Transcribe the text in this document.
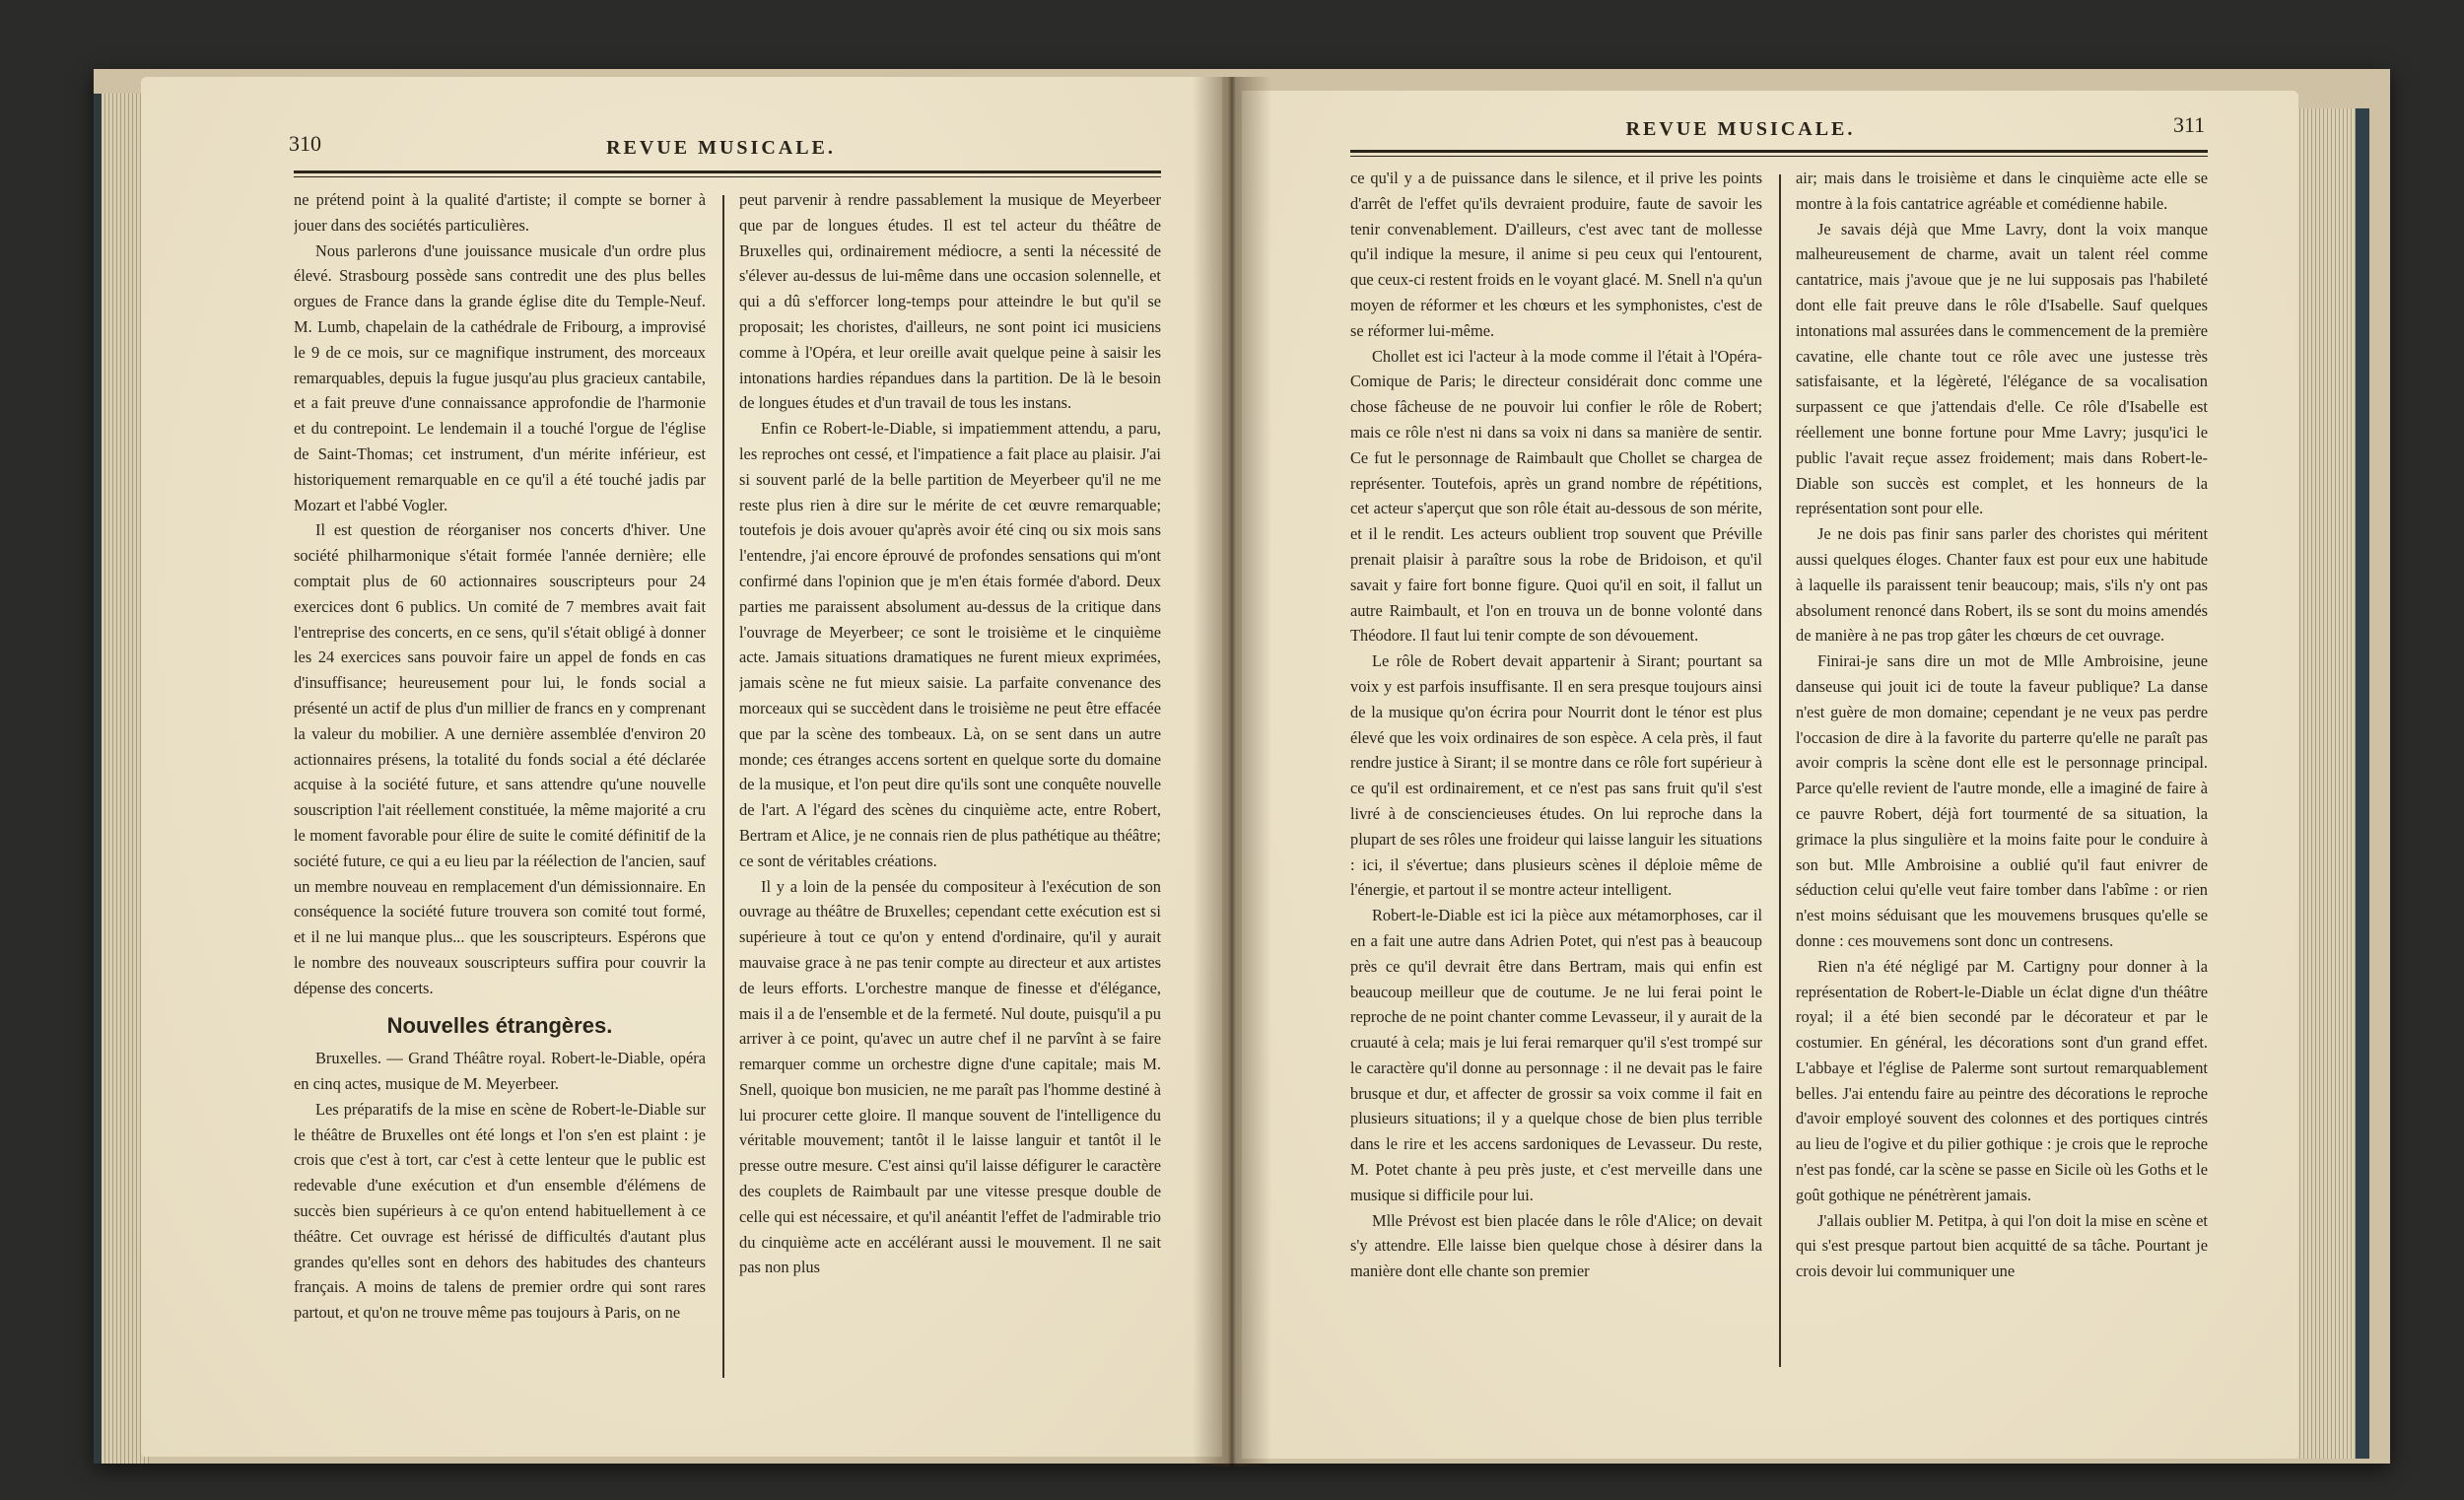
310	REVUE MUSICALE.

ne prétend point à la qualité d'artiste; il compte se borner à jouer dans des sociétés particulières.

Nous parlerons d'une jouissance musicale d'un ordre plus élevé. Strasbourg possède sans contredit une des plus belles orgues de France dans la grande église dite du Temple-Neuf. M. Lumb, chapelain de la cathédrale de Fribourg, a improvisé le 9 de ce mois, sur ce magnifique instrument, des morceaux remarquables, depuis la fugue jusqu'au plus gracieux cantabile, et a fait preuve d'une connaissance approfondie de l'harmonie et du contrepoint. Le lendemain il a touché l'orgue de l'église de Saint-Thomas; cet instrument, d'un mérite inférieur, est historiquement remarquable en ce qu'il a été touché jadis par Mozart et l'abbé Vogler.

Il est question de réorganiser nos concerts d'hiver. Une société philharmonique s'était formée l'année dernière; elle comptait plus de 60 actionnaires souscripteurs pour 24 exercices dont 6 publics. Un comité de 7 membres avait fait l'entreprise des concerts, en ce sens, qu'il s'était obligé à donner les 24 exercices sans pouvoir faire un appel de fonds en cas d'insuffisance; heureusement pour lui, le fonds social a présenté un actif de plus d'un millier de francs en y comprenant la valeur du mobilier. A une dernière assemblée d'environ 20 actionnaires présens, la totalité du fonds social a été déclarée acquise à la société future, et sans attendre qu'une nouvelle souscription l'ait réellement constituée, la même majorité a cru le moment favorable pour élire de suite le comité définitif de la société future, ce qui a eu lieu par la réélection de l'ancien, sauf un membre nouveau en remplacement d'un démissionnaire. En conséquence la société future trouvera son comité tout formé, et il ne lui manque plus... que les souscripteurs. Espérons que le nombre des nouveaux souscripteurs suffira pour couvrir la dépense des concerts.

Nouvelles étrangères.

Bruxelles. — Grand Théâtre royal. Robert-le-Diable, opéra en cinq actes, musique de M. Meyerbeer.

Les préparatifs de la mise en scène de Robert-le-Diable sur le théâtre de Bruxelles ont été longs et l'on s'en est plaint : je crois que c'est à tort, car c'est à cette lenteur que le public est redevable d'une exécution et d'un ensemble d'élémens de succès bien supérieurs à ce qu'on entend habituellement à ce théâtre. Cet ouvrage est hérissé de difficultés d'autant plus grandes qu'elles sont en dehors des habitudes des chanteurs français. A moins de talens de premier ordre qui sont rares partout, et qu'on ne trouve même pas toujours à Paris, on ne

peut parvenir à rendre passablement la musique de Meyerbeer que par de longues études. Il est tel acteur du théâtre de Bruxelles qui, ordinairement médiocre, a senti la nécessité de s'élever au-dessus de lui-même dans une occasion solennelle, et qui a dû s'efforcer long-temps pour atteindre le but qu'il se proposait; les choristes, d'ailleurs, ne sont point ici musiciens comme à l'Opéra, et leur oreille avait quelque peine à saisir les intonations hardies répandues dans la partition. De là le besoin de longues études et d'un travail de tous les instans.

Enfin ce Robert-le-Diable, si impatiemment attendu, a paru, les reproches ont cessé, et l'impatience a fait place au plaisir. J'ai si souvent parlé de la belle partition de Meyerbeer qu'il ne me reste plus rien à dire sur le mérite de cet œuvre remarquable; toutefois je dois avouer qu'après avoir été cinq ou six mois sans l'entendre, j'ai encore éprouvé de profondes sensations qui m'ont confirmé dans l'opinion que je m'en étais formée d'abord. Deux parties me paraissent absolument au-dessus de la critique dans l'ouvrage de Meyerbeer; ce sont le troisième et le cinquième acte. Jamais situations dramatiques ne furent mieux exprimées, jamais scène ne fut mieux saisie. La parfaite convenance des morceaux qui se succèdent dans le troisième ne peut être effacée que par la scène des tombeaux. Là, on se sent dans un autre monde; ces étranges accens sortent en quelque sorte du domaine de la musique, et l'on peut dire qu'ils sont une conquête nouvelle de l'art. A l'égard des scènes du cinquième acte, entre Robert, Bertram et Alice, je ne connais rien de plus pathétique au théâtre; ce sont de véritables créations.

Il y a loin de la pensée du compositeur à l'exécution de son ouvrage au théâtre de Bruxelles; cependant cette exécution est si supérieure à tout ce qu'on y entend d'ordinaire, qu'il y aurait mauvaise grace à ne pas tenir compte au directeur et aux artistes de leurs efforts. L'orchestre manque de finesse et d'élégance, mais il a de l'ensemble et de la fermeté. Nul doute, puisqu'il a pu arriver à ce point, qu'avec un autre chef il ne parvînt à se faire remarquer comme un orchestre digne d'une capitale; mais M. Snell, quoique bon musicien, ne me paraît pas l'homme destiné à lui procurer cette gloire. Il manque souvent de l'intelligence du véritable mouvement; tantôt il le laisse languir et tantôt il le presse outre mesure. C'est ainsi qu'il laisse défigurer le caractère des couplets de Raimbault par une vitesse presque double de celle qui est nécessaire, et qu'il anéantit l'effet de l'admirable trio du cinquième acte en accélérant aussi le mouvement. Il ne sait pas non plus

REVUE MUSICALE.	311

ce qu'il y a de puissance dans le silence, et il prive les points d'arrêt de l'effet qu'ils devraient produire, faute de savoir les tenir convenablement. D'ailleurs, c'est avec tant de mollesse qu'il indique la mesure, il anime si peu ceux qui l'entourent, que ceux-ci restent froids en le voyant glacé. M. Snell n'a qu'un moyen de réformer et les chœurs et les symphonistes, c'est de se réformer lui-même.

Chollet est ici l'acteur à la mode comme il l'était à l'Opéra-Comique de Paris; le directeur considérait donc comme une chose fâcheuse de ne pouvoir lui confier le rôle de Robert; mais ce rôle n'est ni dans sa voix ni dans sa manière de sentir. Ce fut le personnage de Raimbault que Chollet se chargea de représenter. Toutefois, après un grand nombre de répétitions, cet acteur s'aperçut que son rôle était au-dessous de son mérite, et il le rendit. Les acteurs oublient trop souvent que Préville prenait plaisir à paraître sous la robe de Bridoison, et qu'il savait y faire fort bonne figure. Quoi qu'il en soit, il fallut un autre Raimbault, et l'on en trouva un de bonne volonté dans Théodore. Il faut lui tenir compte de son dévouement.

Le rôle de Robert devait appartenir à Sirant; pourtant sa voix y est parfois insuffisante. Il en sera presque toujours ainsi de la musique qu'on écrira pour Nourrit dont le ténor est plus élevé que les voix ordinaires de son espèce. A cela près, il faut rendre justice à Sirant; il se montre dans ce rôle fort supérieur à ce qu'il est ordinairement, et ce n'est pas sans fruit qu'il s'est livré à de consciencieuses études. On lui reproche dans la plupart de ses rôles une froideur qui laisse languir les situations : ici, il s'évertue; dans plusieurs scènes il déploie même de l'énergie, et partout il se montre acteur intelligent.

Robert-le-Diable est ici la pièce aux métamorphoses, car il en a fait une autre dans Adrien Potet, qui n'est pas à beaucoup près ce qu'il devrait être dans Bertram, mais qui enfin est beaucoup meilleur que de coutume. Je ne lui ferai point le reproche de ne point chanter comme Levasseur, il y aurait de la cruauté à cela; mais je lui ferai remarquer qu'il s'est trompé sur le caractère qu'il donne au personnage : il ne devait pas le faire brusque et dur, et affecter de grossir sa voix comme il fait en plusieurs situations; il y a quelque chose de bien plus terrible dans le rire et les accens sardoniques de Levasseur. Du reste, M. Potet chante à peu près juste, et c'est merveille dans une musique si difficile pour lui.

Mlle Prévost est bien placée dans le rôle d'Alice; on devait s'y attendre. Elle laisse bien quelque chose à désirer dans la manière dont elle chante son premier

air; mais dans le troisième et dans le cinquième acte elle se montre à la fois cantatrice agréable et comédienne habile.

Je savais déjà que Mme Lavry, dont la voix manque malheureusement de charme, avait un talent réel comme cantatrice, mais j'avoue que je ne lui supposais pas l'habileté dont elle fait preuve dans le rôle d'Isabelle. Sauf quelques intonations mal assurées dans le commencement de la première cavatine, elle chante tout ce rôle avec une justesse très satisfaisante, et la légèreté, l'élégance de sa vocalisation surpassent ce que j'attendais d'elle. Ce rôle d'Isabelle est réellement une bonne fortune pour Mme Lavry; jusqu'ici le public l'avait reçue assez froidement; mais dans Robert-le-Diable son succès est complet, et les honneurs de la représentation sont pour elle.

Je ne dois pas finir sans parler des choristes qui méritent aussi quelques éloges. Chanter faux est pour eux une habitude à laquelle ils paraissent tenir beaucoup; mais, s'ils n'y ont pas absolument renoncé dans Robert, ils se sont du moins amendés de manière à ne pas trop gâter les chœurs de cet ouvrage.

Finirai-je sans dire un mot de Mlle Ambroisine, jeune danseuse qui jouit ici de toute la faveur publique? La danse n'est guère de mon domaine; cependant je ne veux pas perdre l'occasion de dire à la favorite du parterre qu'elle ne paraît pas avoir compris la scène dont elle est le personnage principal. Parce qu'elle revient de l'autre monde, elle a imaginé de faire à ce pauvre Robert, déjà fort tourmenté de sa situation, la grimace la plus singulière et la moins faite pour le conduire à son but. Mlle Ambroisine a oublié qu'il faut enivrer de séduction celui qu'elle veut faire tomber dans l'abîme : or rien n'est moins séduisant que les mouvemens brusques qu'elle se donne : ces mouvemens sont donc un contresens.

Rien n'a été négligé par M. Cartigny pour donner à la représentation de Robert-le-Diable un éclat digne d'un théâtre royal; il a été bien secondé par le décorateur et par le costumier. En général, les décorations sont d'un grand effet. L'abbaye et l'église de Palerme sont surtout remarquablement belles. J'ai entendu faire au peintre des décorations le reproche d'avoir employé souvent des colonnes et des portiques cintrés au lieu de l'ogive et du pilier gothique : je crois que le reproche n'est pas fondé, car la scène se passe en Sicile où les Goths et le goût gothique ne pénétrèrent jamais.

J'allais oublier M. Petitpa, à qui l'on doit la mise en scène et qui s'est presque partout bien acquitté de sa tâche. Pourtant je crois devoir lui communiquer une
